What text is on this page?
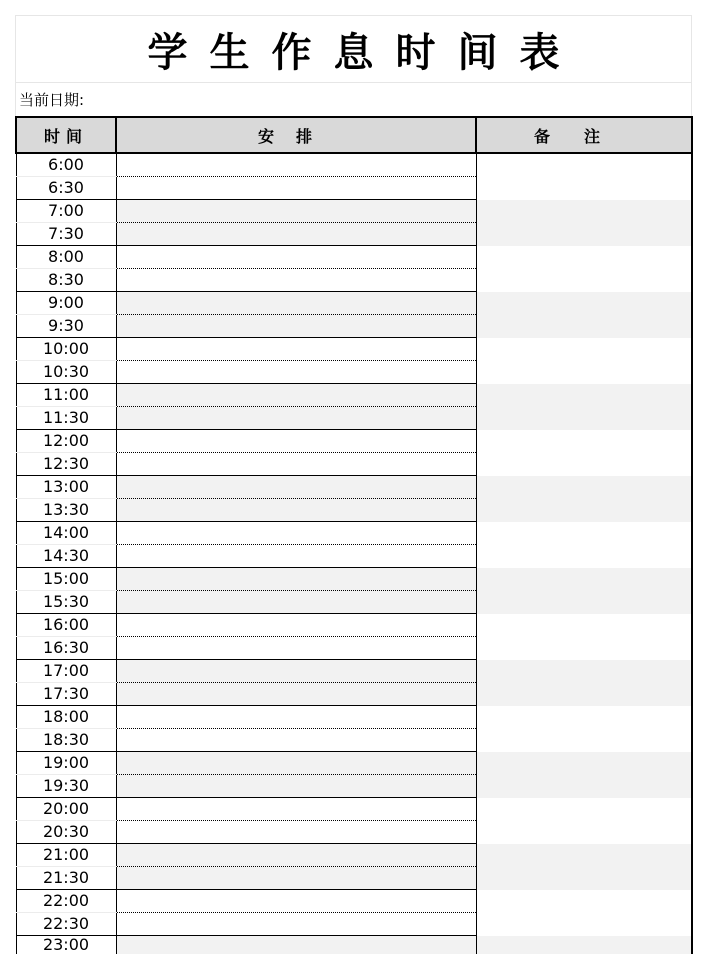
学生作息时间表
当前日期:
时间	安排	备注
6:00		
6:30		
7:00		
7:30		
8:00		
8:30		
9:00		
9:30		
10:00		
10:30		
11:00		
11:30		
12:00		
12:30		
13:00		
13:30		
14:00		
14:30		
15:00		
15:30		
16:00		
16:30		
17:00		
17:30		
18:00		
18:30		
19:00		
19:30		
20:00		
20:30		
21:00		
21:30		
22:00		
22:30		
23:00		
